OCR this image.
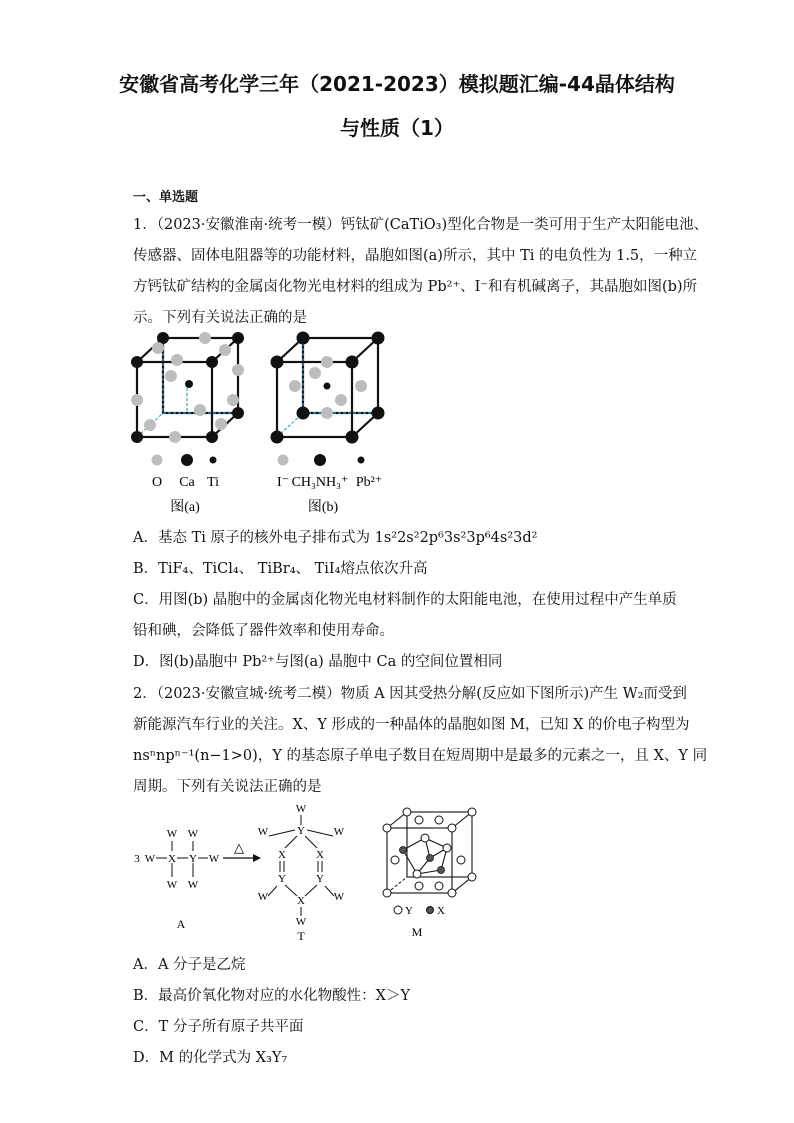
安徽省高考化学三年（2021-2023）模拟题汇编-44晶体结构
与性质（1）
一、单选题
1．（2023·安徽淮南·统考一模）钙钛矿(CaTiO₃)型化合物是一类可用于生产太阳能电池、
传感器、固体电阻器等的功能材料，晶胞如图(a)所示，其中 Ti 的电负性为 1.5，一种立
方钙钛矿结构的金属卤化物光电材料的组成为 Pb²⁺、I⁻和有机碱离子，其晶胞如图(b)所
示。下列有关说法正确的是
O Ca Ti
图(a)
I⁻ CH₃NH₃⁺ Pb²⁺
图(b)
A．基态 Ti 原子的核外电子排布式为 1s²2s²2p⁶3s²3p⁶4s²3d²
B．TiF₄、TiCl₄、 TiBr₄、 TiI₄熔点依次升高
C．用图(b) 晶胞中的金属卤化物光电材料制作的太阳能电池，在使用过程中产生单质
铅和碘，会降低了器件效率和使用寿命。
D．图(b)晶胞中 Pb²⁺与图(a) 晶胞中 Ca 的空间位置相同
2．（2023·安徽宣城·统考二模）物质 A 因其受热分解(反应如下图所示)产生 W₂而受到
新能源汽车行业的关注。X、Y 形成的一种晶体的晶胞如图 M，已知 X 的价电子构型为
nsⁿnpⁿ⁻¹(n−1>0)，Y 的基态原子单电子数目在短周期中是最多的元素之一，且 X、Y 同
周期。下列有关说法正确的是
3 W X Y W
W W
W W
A
△
W
Y
W	W
X	X
Y	Y
W	W
X
W
T
Y X
M
A．A 分子是乙烷
B．最高价氧化物对应的水化物酸性：X＞Y
C．T 分子所有原子共平面
D．M 的化学式为 X₃Y₇
